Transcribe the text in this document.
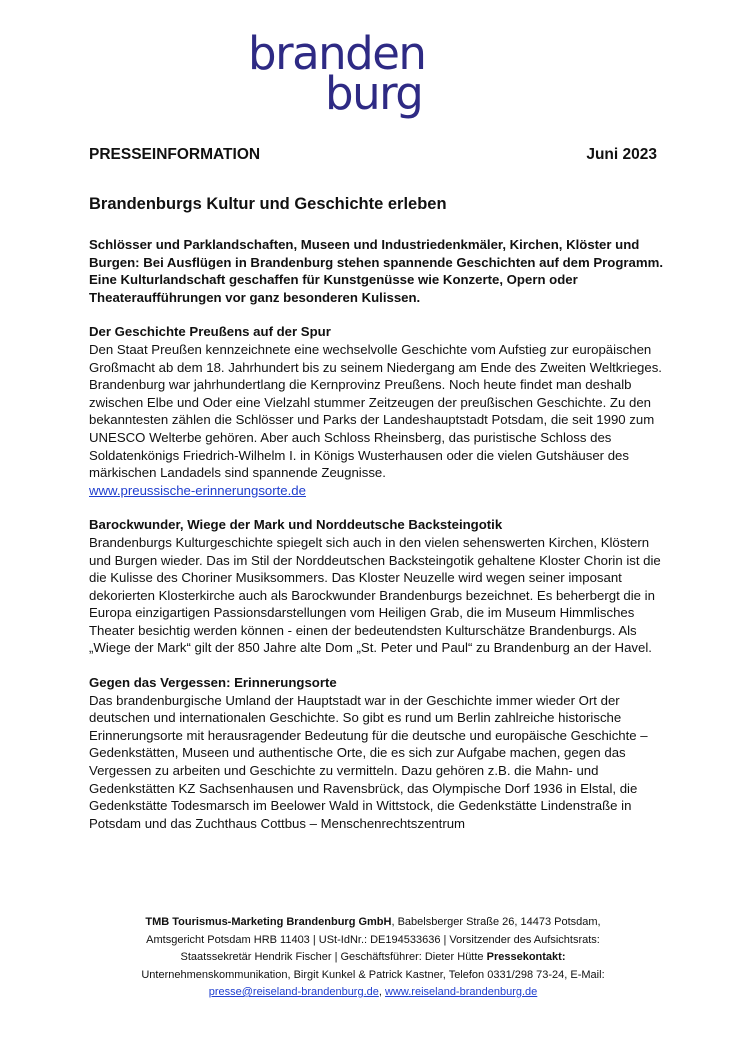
branden
burg
PRESSEINFORMATION	Juni 2023
Brandenburgs Kultur und Geschichte erleben

Schlösser und Parklandschaften, Museen und Industriedenkmäler, Kirchen, Klöster und Burgen: Bei Ausflügen in Brandenburg stehen spannende Geschichten auf dem Programm. Eine Kulturlandschaft geschaffen für Kunstgenüsse wie Konzerte, Opern oder Theateraufführungen vor ganz besonderen Kulissen.

Der Geschichte Preußens auf der Spur

Den Staat Preußen kennzeichnete eine wechselvolle Geschichte vom Aufstieg zur europäischen Großmacht ab dem 18. Jahrhundert bis zu seinem Niedergang am Ende des Zweiten Weltkrieges. Brandenburg war jahrhundertlang die Kernprovinz Preußens. Noch heute findet man deshalb zwischen Elbe und Oder eine Vielzahl stummer Zeitzeugen der preußischen Geschichte. Zu den bekanntesten zählen die Schlösser und Parks der Landeshauptstadt Potsdam, die seit 1990 zum UNESCO Welterbe gehören. Aber auch Schloss Rheinsberg, das puristische Schloss des Soldatenkönigs Friedrich-Wilhelm I. in Königs Wusterhausen oder die vielen Gutshäuser des märkischen Landadels sind spannende Zeugnisse.

www.preussische-erinnerungsorte.de
Barockwunder, Wiege der Mark und Norddeutsche Backsteingotik

Brandenburgs Kulturgeschichte spiegelt sich auch in den vielen sehenswerten Kirchen, Klöstern und Burgen wieder. Das im Stil der Norddeutschen Backsteingotik gehaltene Kloster Chorin ist die die Kulisse des Choriner Musiksommers. Das Kloster Neuzelle wird wegen seiner imposant dekorierten Klosterkirche auch als Barockwunder Brandenburgs bezeichnet. Es beherbergt die in Europa einzigartigen Passionsdarstellungen vom Heiligen Grab, die im Museum Himmlisches Theater besichtig werden können - einen der bedeutendsten Kulturschätze Brandenburgs. Als „Wiege der Mark“ gilt der 850 Jahre alte Dom „St. Peter und Paul“ zu Brandenburg an der Havel.

Gegen das Vergessen: Erinnerungsorte

Das brandenburgische Umland der Hauptstadt war in der Geschichte immer wieder Ort der deutschen und internationalen Geschichte. So gibt es rund um Berlin zahlreiche historische Erinnerungsorte mit herausragender Bedeutung für die deutsche und europäische Geschichte – Gedenkstätten, Museen und authentische Orte, die es sich zur Aufgabe machen, gegen das Vergessen zu arbeiten und Geschichte zu vermitteln. Dazu gehören z.B. die Mahn- und Gedenkstätten KZ Sachsenhausen und Ravensbrück, das Olympische Dorf 1936 in Elstal, die Gedenkstätte Todesmarsch im Beelower Wald in Wittstock, die Gedenkstätte Lindenstraße in Potsdam und das Zuchthaus Cottbus – Menschenrechtszentrum

TMB Tourismus-Marketing Brandenburg GmbH, Babelsberger Straße 26, 14473 Potsdam,
Amtsgericht Potsdam HRB 11403 | USt-IdNr.: DE194533636 | Vorsitzender des Aufsichtsrats:
Staatssekretär Hendrik Fischer | Geschäftsführer: Dieter Hütte Pressekontakt:
Unternehmenskommunikation, Birgit Kunkel & Patrick Kastner, Telefon 0331/298 73-24, E-Mail:
presse@reiseland-brandenburg.de, www.reiseland-brandenburg.de
